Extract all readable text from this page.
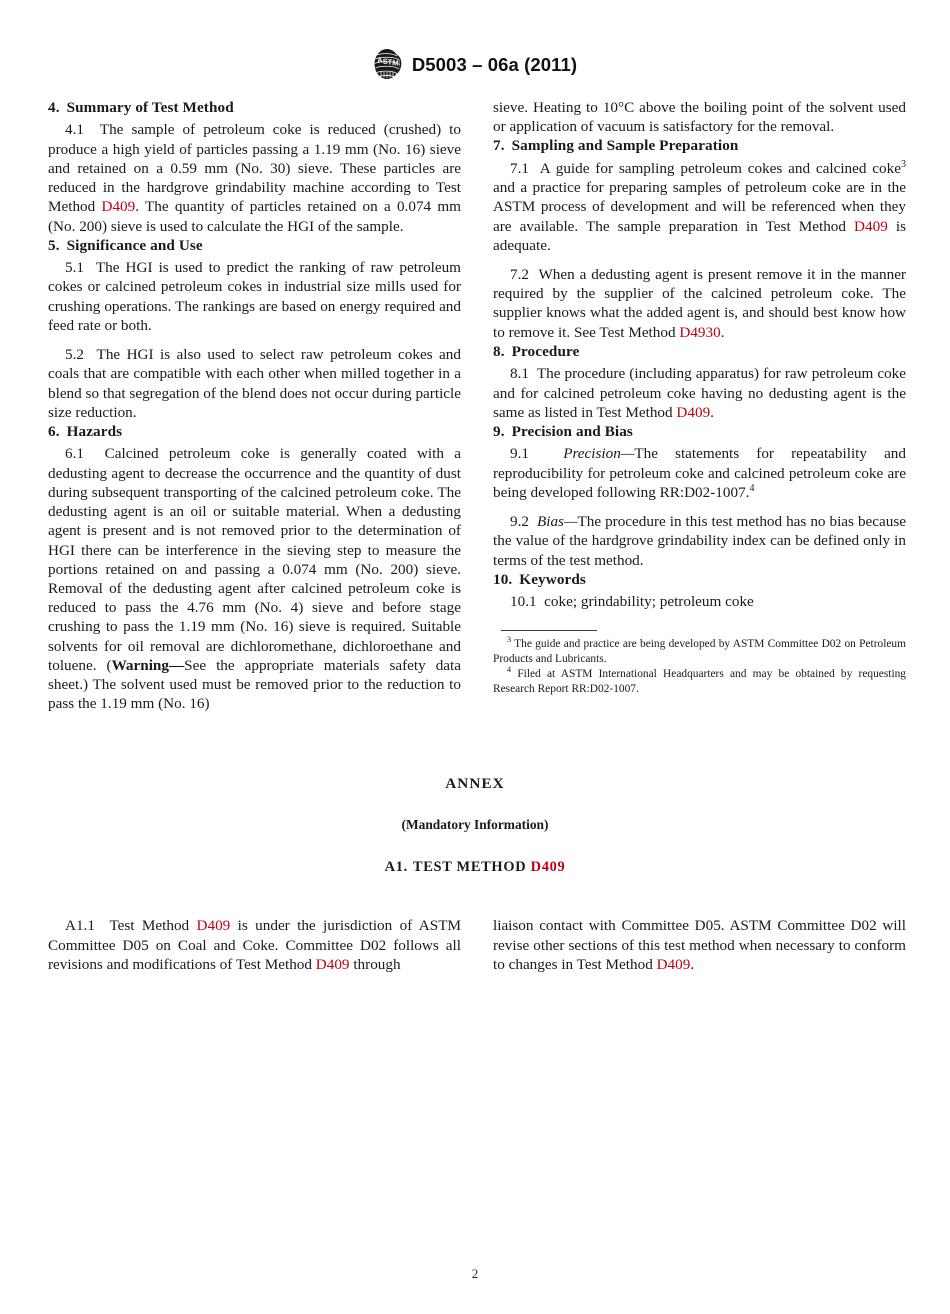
A S T M D5003 – 06a (2011)
4. Summary of Test Method

4.1 The sample of petroleum coke is reduced (crushed) to produce a high yield of particles passing a 1.19 mm (No. 16) sieve and retained on a 0.59 mm (No. 30) sieve. These particles are reduced in the hardgrove grindability machine according to Test Method D409. The quantity of particles retained on a 0.074 mm (No. 200) sieve is used to calculate the HGI of the sample.

5. Significance and Use

5.1 The HGI is used to predict the ranking of raw petroleum cokes or calcined petroleum cokes in industrial size mills used for crushing operations. The rankings are based on energy required and feed rate or both.

5.2 The HGI is also used to select raw petroleum cokes and coals that are compatible with each other when milled together in a blend so that segregation of the blend does not occur during particle size reduction.

6. Hazards

6.1 Calcined petroleum coke is generally coated with a dedusting agent to decrease the occurrence and the quantity of dust during subsequent transporting of the calcined petroleum coke. The dedusting agent is an oil or suitable material. When a dedusting agent is present and is not removed prior to the determination of HGI there can be interference in the sieving step to measure the portions retained on and passing a 0.074 mm (No. 200) sieve. Removal of the dedusting agent after calcined petroleum coke is reduced to pass the 4.76 mm (No. 4) sieve and before stage crushing to pass the 1.19 mm (No. 16) sieve is required. Suitable solvents for oil removal are dichloromethane, dichloroethane and toluene. (Warning—See the appropriate materials safety data sheet.) The solvent used must be removed prior to the reduction to pass the 1.19 mm (No. 16)

sieve. Heating to 10°C above the boiling point of the solvent used or application of vacuum is satisfactory for the removal.

7. Sampling and Sample Preparation

7.1 A guide for sampling petroleum cokes and calcined coke$^3$ and a practice for preparing samples of petroleum coke are in the ASTM process of development and will be referenced when they are available. The sample preparation in Test Method D409 is adequate.

7.2 When a dedusting agent is present remove it in the manner required by the supplier of the calcined petroleum coke. The supplier knows what the added agent is, and should best know how to remove it. See Test Method D4930.

8. Procedure

8.1 The procedure (including apparatus) for raw petroleum coke and for calcined petroleum coke having no dedusting agent is the same as listed in Test Method D409.

9. Precision and Bias

9.1 Precision—The statements for repeatability and reproducibility for petroleum coke and calcined petroleum coke are being developed following RR:D02-1007.$^4$

9.2 Bias—The procedure in this test method has no bias because the value of the hardgrove grindability index can be defined only in terms of the test method.

10. Keywords

10.1 coke; grindability; petroleum coke

$^3$ The guide and practice are being developed by ASTM Committee D02 on Petroleum Products and Lubricants.

$^4$ Filed at ASTM International Headquarters and may be obtained by requesting Research Report RR:D02-1007.

ANNEX

(Mandatory Information)

A1. TEST METHOD D409

A1.1 Test Method D409 is under the jurisdiction of ASTM Committee D05 on Coal and Coke. Committee D02 follows all revisions and modifications of Test Method D409 through

liaison contact with Committee D05. ASTM Committee D02 will revise other sections of this test method when necessary to conform to changes in Test Method D409.

2
